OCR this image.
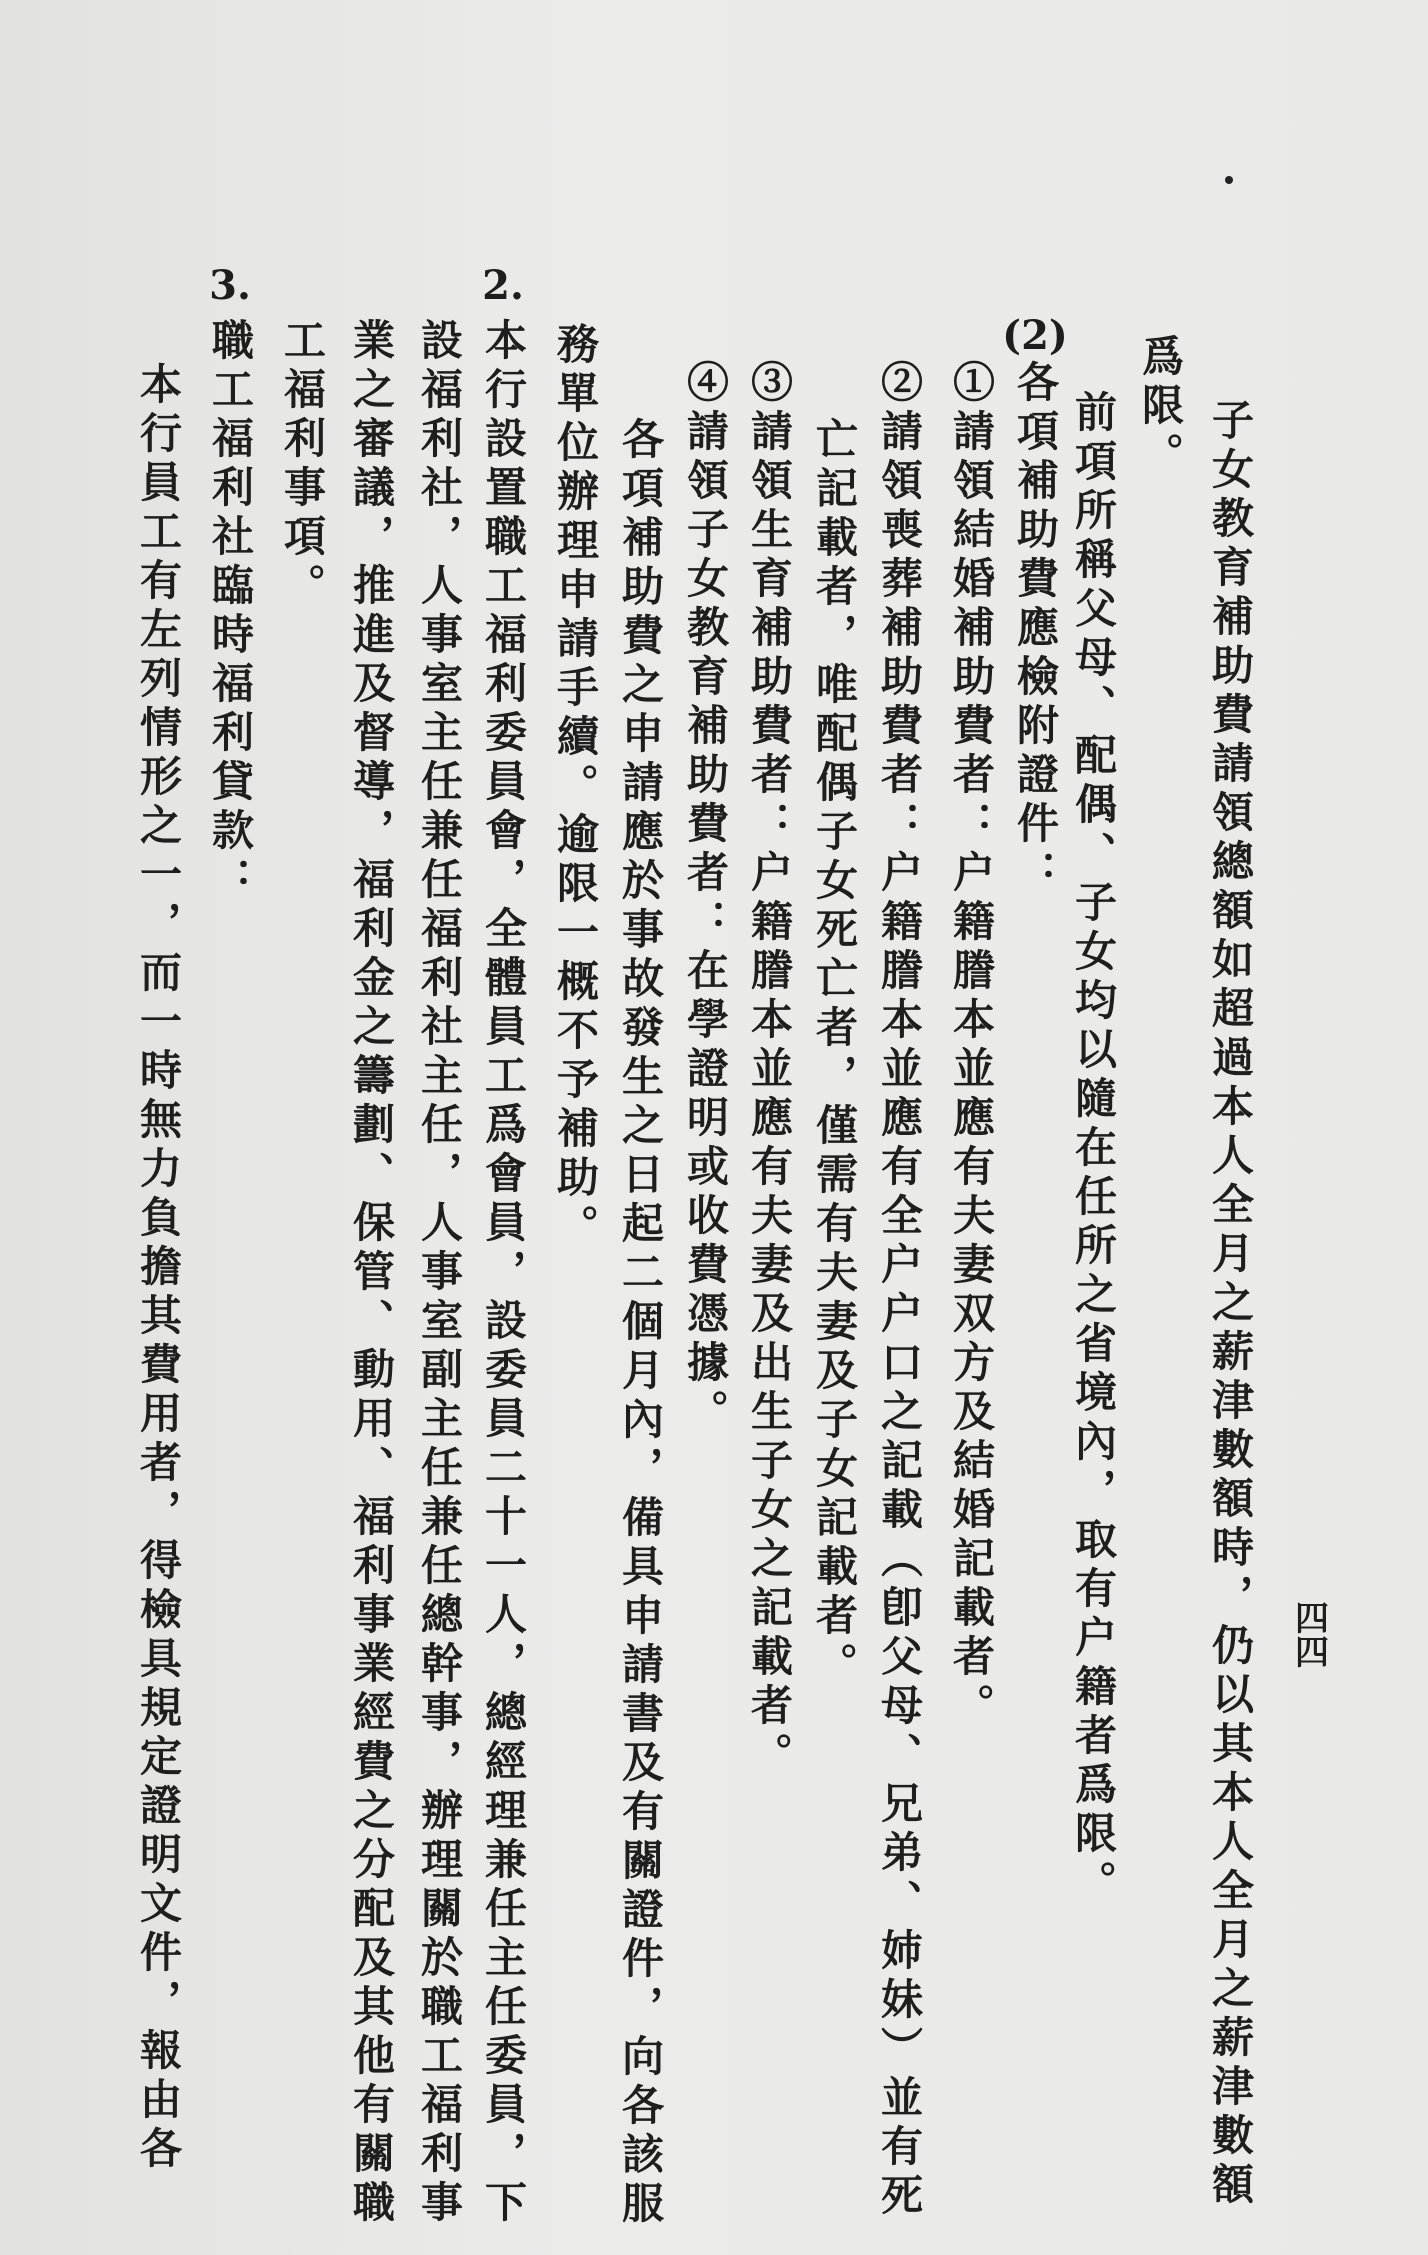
四四
子女教育補助費請領總額如超過本人全月之薪津數額時，仍以其本人全月之薪津數額
爲限。
前項所稱父母、配偶、子女均以隨在任所之省境內，取有户籍者爲限。
(2)
各項補助費應檢附證件：
①請領結婚補助費者：户籍謄本並應有夫妻双方及結婚記載者。
②請領喪葬補助費者：户籍謄本並應有全户户口之記載（卽父母、兄弟、姉妹）並有死
亡記載者，唯配偶子女死亡者，僅需有夫妻及子女記載者。
③請領生育補助費者：户籍謄本並應有夫妻及出生子女之記載者。
④請領子女教育補助費者：在學證明或收費憑據。
各項補助費之申請應於事故發生之日起二個月內，備具申請書及有關證件，向各該服
務單位辦理申請手續。逾限一概不予補助。
2.
本行設置職工福利委員會，全體員工爲會員，設委員二十一人，總經理兼任主任委員，下
設福利社，人事室主任兼任福利社主任，人事室副主任兼任總幹事，辦理關於職工福利事
業之審議，推進及督導，福利金之籌劃、保管、動用、福利事業經費之分配及其他有關職
工福利事項。
3.
職工福利社臨時福利貸款：
本行員工有左列情形之一，而一時無力負擔其費用者，得檢具規定證明文件，報由各
